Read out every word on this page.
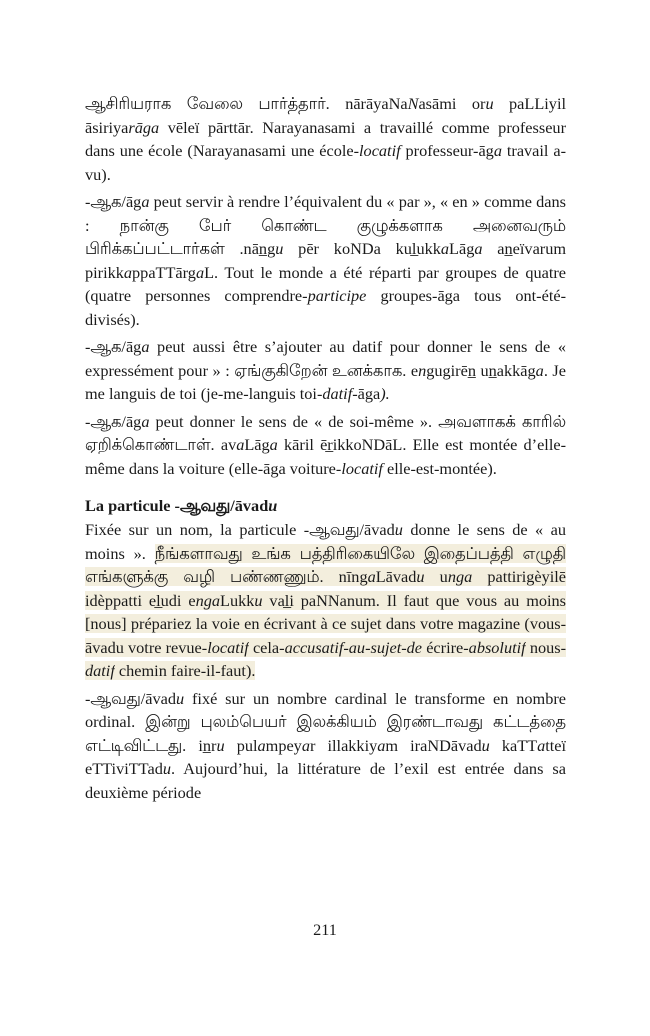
ஆசிரியராக வேலை பார்த்தார். nārāyaNaNasāmi oru paLLiyil āsiriyarāga vēleï pārttār. Narayanasami a travaillé comme professeur dans une école (Narayanasami une école-locatif professeur-āga travail a-vu).

-ஆக/āga peut servir à rendre l’équivalent du « par », « en » comme dans : நான்கு பேர் கொண்ட குழுக்களாக அனைவரும் பிரிக்கப்பட்டார்கள் .nān̲gu pēr koNDa kul̲ukkaLāga an̲eïvarum pirikkappaTTārgaL. Tout le monde a été réparti par groupes de quatre (quatre personnes comprendre-participe groupes-āga tous ont-été-divisés).

-ஆக/āga peut aussi être s’ajouter au datif pour donner le sens de « expressément pour » : ஏங்குகிறேன் உனக்காக. engugirēn̲ un̲akkāga. Je me languis de toi (je-me-languis toi-datif-āga).

-ஆக/āga peut donner le sens de « de soi-même ». அவளாகக் காரில் ஏறிக்கொண்டாள். avaLāga kāril ēr̲ikkoNDāL. Elle est montée d’elle-même dans la voiture (elle-āga voiture-locatif elle-est-montée).

La particule -ஆவது/āvadu

Fixée sur un nom, la particule -ஆவது/āvadu donne le sens de « au moins ». நீங்களாவது உங்க பத்திரிகையிலே இதைப்பத்தி எழுதி எங்களுக்கு வழி பண்ணணும். nīngaLāvadu unga pattirigèyilē idèppatti el̲udi engaLukku val̲i paNNanum. Il faut que vous au moins [nous] prépariez la voie en écrivant à ce sujet dans votre magazine (vous-āvadu votre revue-locatif cela-accusatif-au-sujet-de écrire-absolutif nous-datif chemin faire-il-faut).

-ஆவது/āvadu fixé sur un nombre cardinal le transforme en nombre ordinal. இன்று புலம்பெயர் இலக்கியம் இரண்டாவது கட்டத்தை எட்டிவிட்டது. in̲ru pulampeyar illakkiyam iraNDāvadu kaTTatteï eTTiviTTadu. Aujourd’hui, la littérature de l’exil est entrée dans sa deuxième période

211
